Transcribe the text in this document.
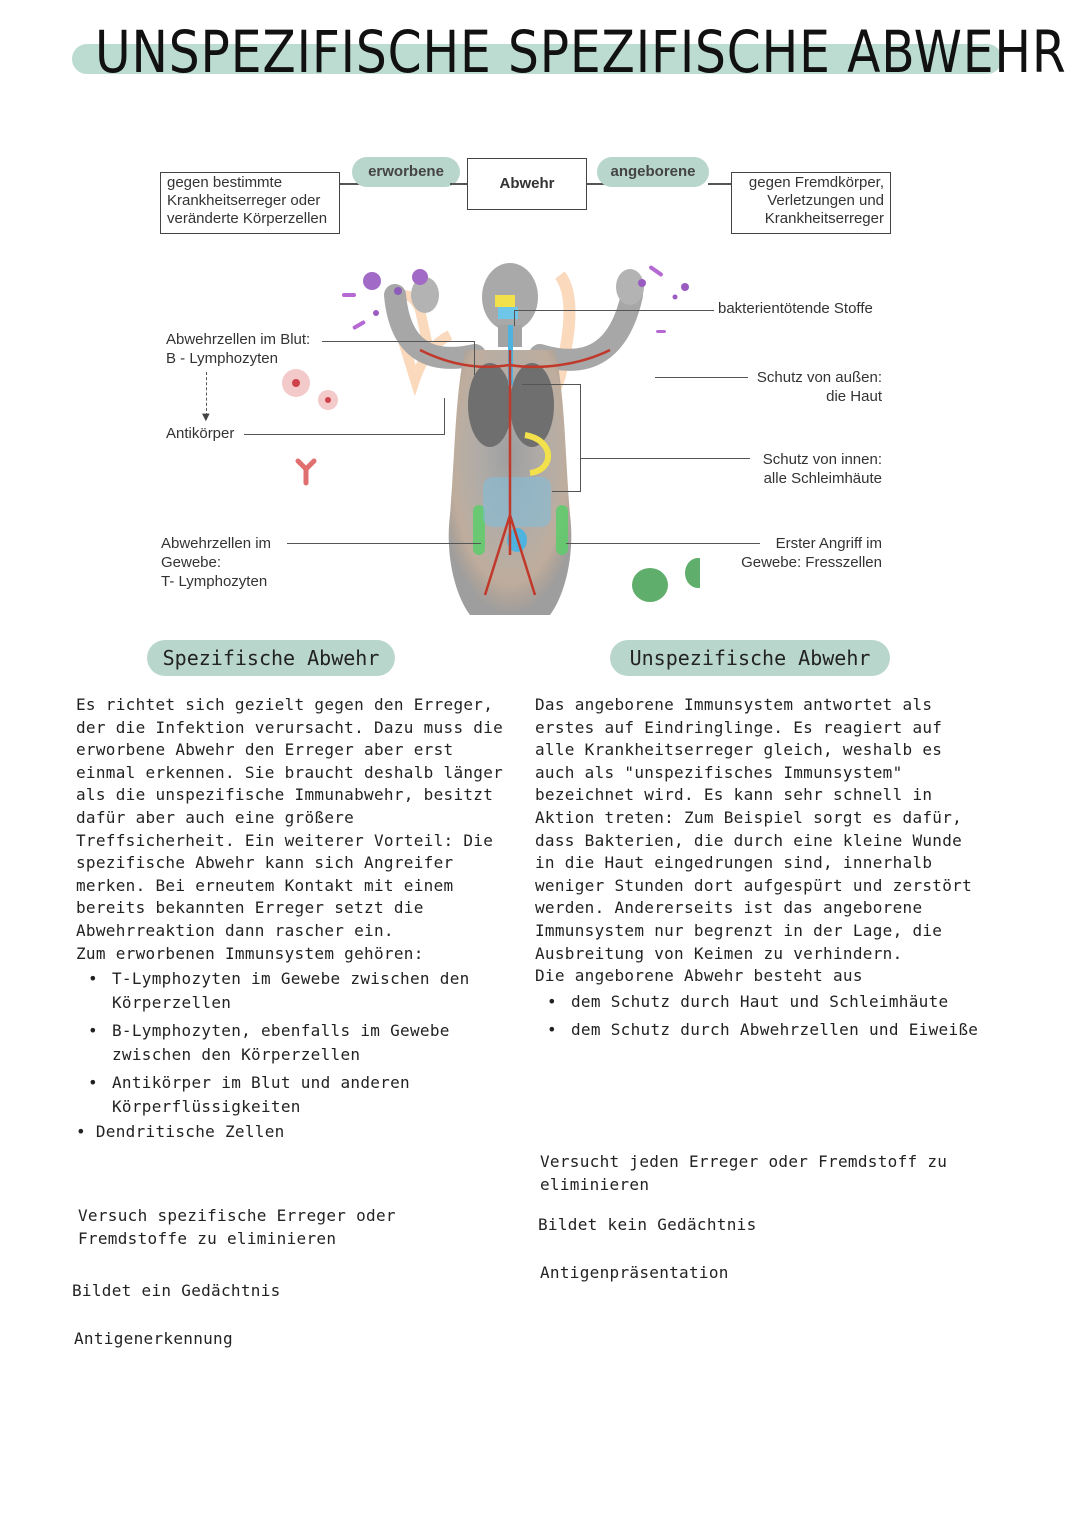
UNSPEZIFISCHE SPEZIFISCHE ABWEHR
gegen bestimmte Krankheitserreger oder veränderte Körperzellen
erworbene
Abwehr
angeborene
gegen Fremdkörper, Verletzungen und Krankheitserreger
Abwehrzellen im Blut:
B - Lymphozyten
▼
Antikörper
Abwehrzellen im
Gewebe:
T- Lymphozyten
bakterientötende Stoffe
Schutz von außen:
die Haut
Schutz von innen:
alle Schleimhäute
Erster Angriff im
Gewebe: Fresszellen
Spezifische Abwehr

Es richtet sich gezielt gegen den Erreger, der die Infektion verursacht. Dazu muss die erworbene Abwehr den Erreger aber erst einmal erkennen. Sie braucht deshalb länger als die unspezifische Immunabwehr, besitzt dafür aber auch eine größere Treffsicherheit. Ein weiterer Vorteil: Die spezifische Abwehr kann sich Angreifer merken. Bei erneutem Kontakt mit einem bereits bekannten Erreger setzt die Abwehrreaktion dann rascher ein.

Zum erworbenen Immunsystem gehören:

• T-Lymphozyten im Gewebe zwischen den Körperzellen
• B-Lymphozyten, ebenfalls im Gewebe zwischen den Körperzellen
• Antikörper im Blut und anderen Körperflüssigkeiten

• Dendritische Zellen

Versuch spezifische Erreger oder Fremdstoffe zu eliminieren
Bildet ein Gedächtnis
Antigenerkennung
Unspezifische Abwehr

Das angeborene Immunsystem antwortet als erstes auf Eindringlinge. Es reagiert auf alle Krankheitserreger gleich, weshalb es auch als "unspezifisches Immunsystem" bezeichnet wird. Es kann sehr schnell in Aktion treten: Zum Beispiel sorgt es dafür, dass Bakterien, die durch eine kleine Wunde in die Haut eingedrungen sind, innerhalb weniger Stunden dort aufgespürt und zerstört werden. Andererseits ist das angeborene Immunsystem nur begrenzt in der Lage, die Ausbreitung von Keimen zu verhindern.

Die angeborene Abwehr besteht aus

• dem Schutz durch Haut und Schleimhäute
• dem Schutz durch Abwehrzellen und Eiweiße
Versucht jeden Erreger oder Fremdstoff zu eliminieren
Bildet kein Gedächtnis
Antigenpräsentation
